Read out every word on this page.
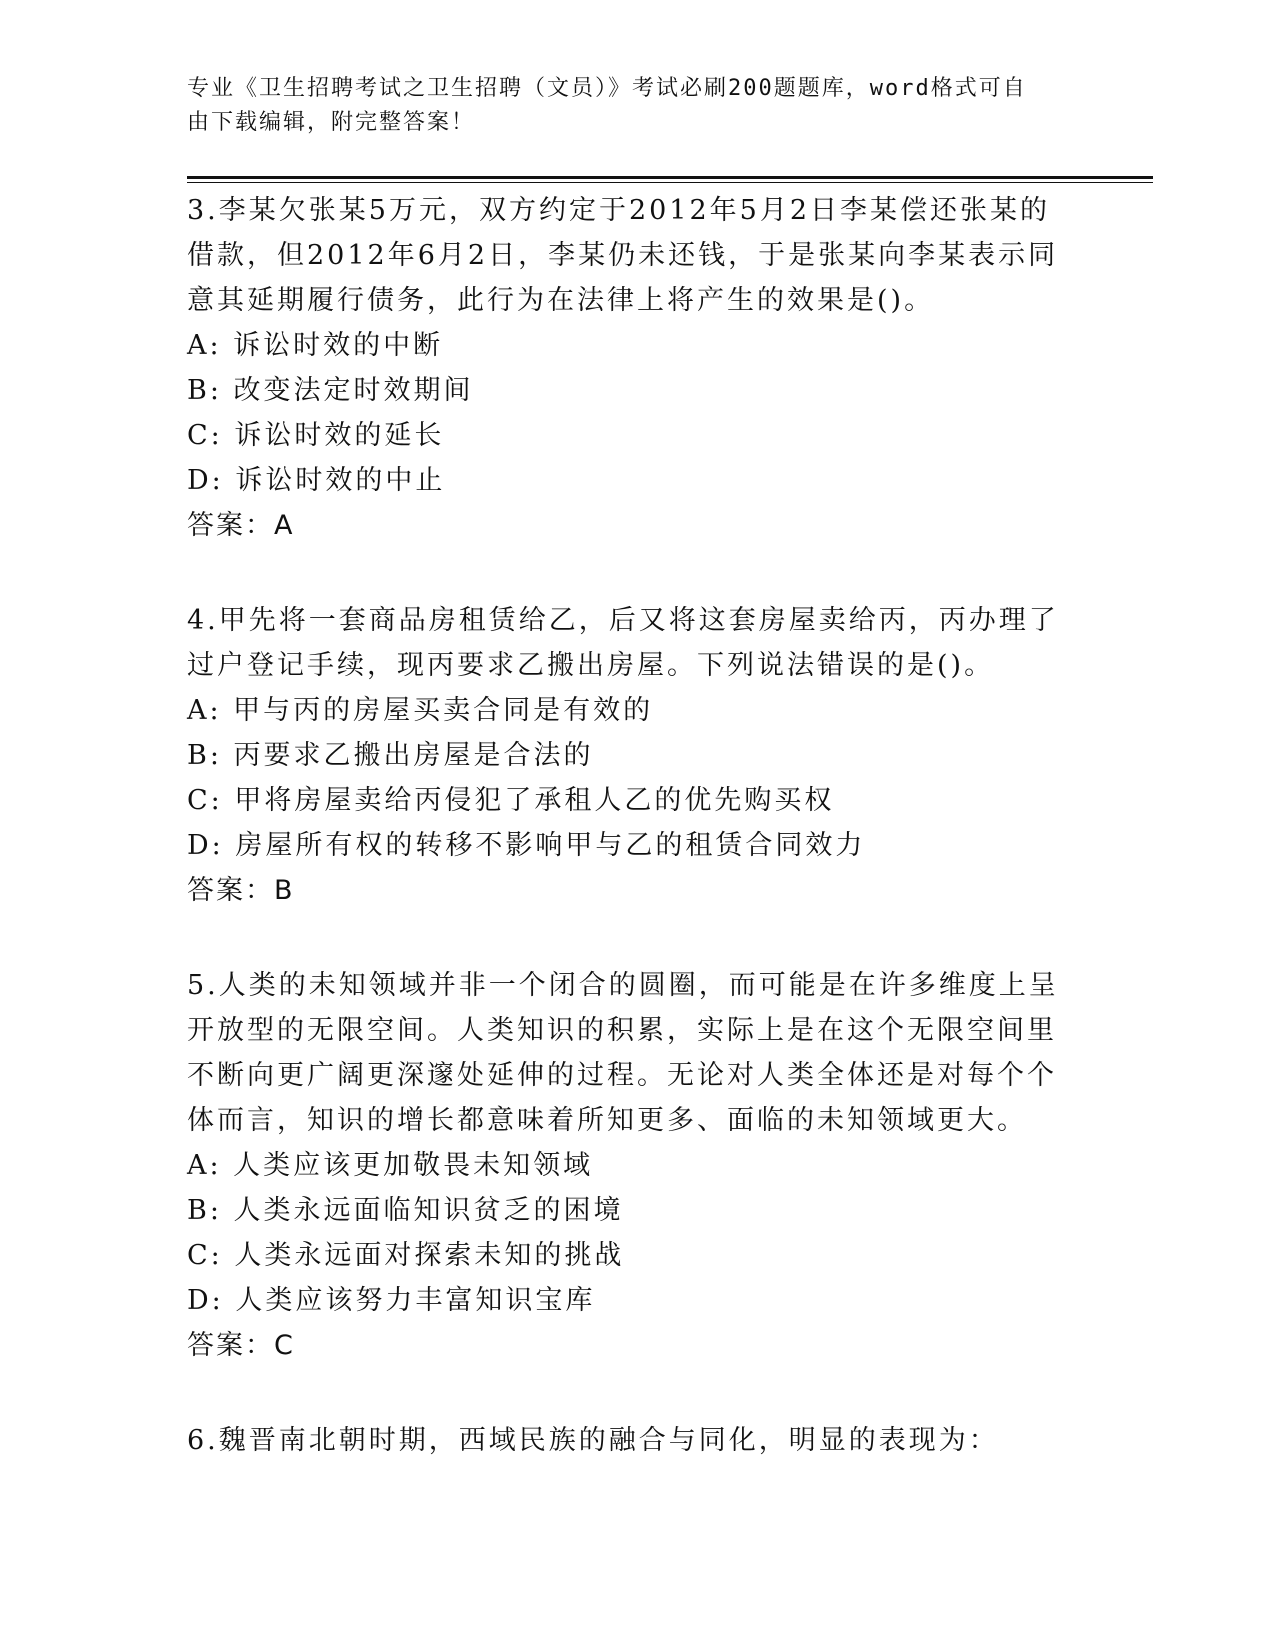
专业《卫生招聘考试之卫生招聘（文员）》考试必刷200题题库，word格式可自
由下载编辑，附完整答案！

3.李某欠张某5万元，双方约定于2012年5月2日李某偿还张某的借款，但2012年6月2日，李某仍未还钱，于是张某向李某表示同意其延期履行债务，此行为在法律上将产生的效果是()。

A: 诉讼时效的中断

B: 改变法定时效期间

C: 诉讼时效的延长

D: 诉讼时效的中止

答案：A

4.甲先将一套商品房租赁给乙，后又将这套房屋卖给丙，丙办理了过户登记手续，现丙要求乙搬出房屋。下列说法错误的是()。

A: 甲与丙的房屋买卖合同是有效的

B: 丙要求乙搬出房屋是合法的

C: 甲将房屋卖给丙侵犯了承租人乙的优先购买权

D: 房屋所有权的转移不影响甲与乙的租赁合同效力

答案：B

5.人类的未知领域并非一个闭合的圆圈，而可能是在许多维度上呈开放型的无限空间。人类知识的积累，实际上是在这个无限空间里不断向更广阔更深邃处延伸的过程。无论对人类全体还是对每个个体而言，知识的增长都意味着所知更多、面临的未知领域更大。

A: 人类应该更加敬畏未知领域

B: 人类永远面临知识贫乏的困境

C: 人类永远面对探索未知的挑战

D: 人类应该努力丰富知识宝库

答案：C

6.魏晋南北朝时期，西域民族的融合与同化，明显的表现为：
